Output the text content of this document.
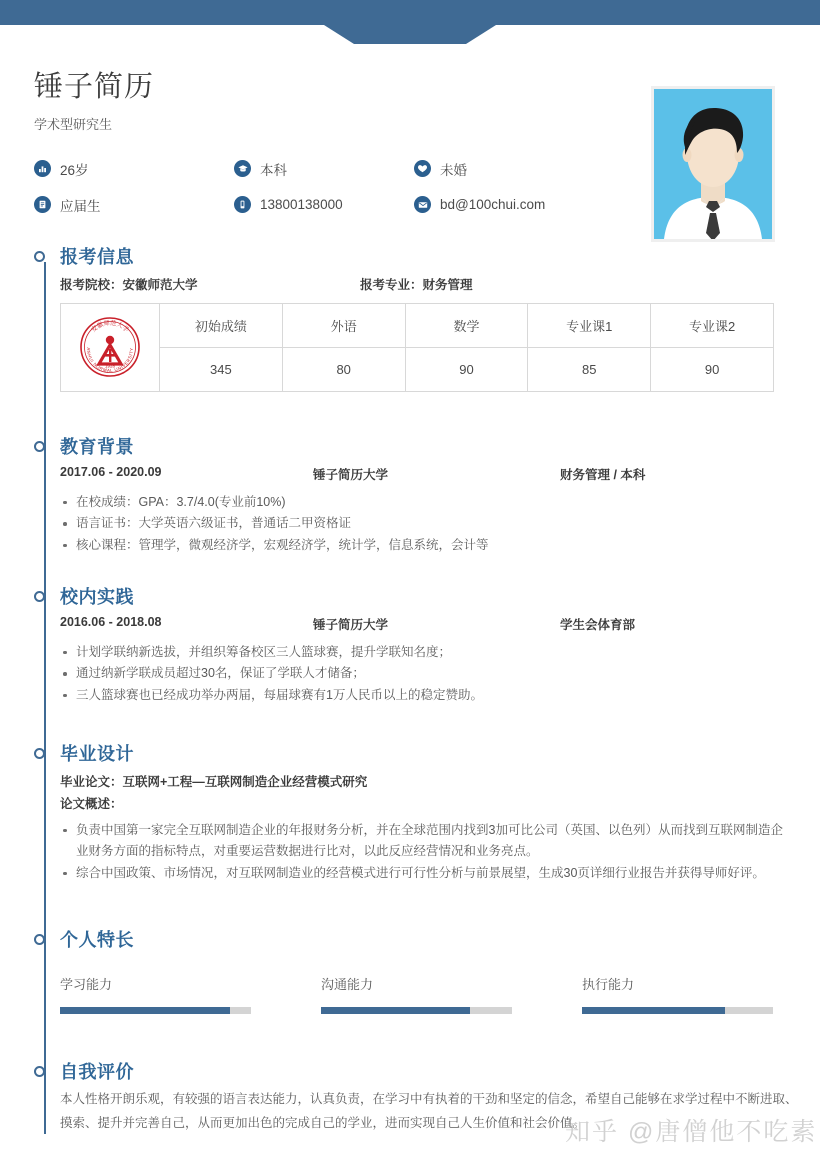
锤子简历
学术型研究生
26岁	本科	未婚
应届生	13800138000	bd@100chui.com
报考信息
报考院校：安徽师范大学	报考专业：财务管理
安徽师范大学
ANHUI NORMAL UNIVERSITY
1928	初始成绩	外语	数学	专业课1	专业课2
	345	80	90	85	90
教育背景
2017.06 - 2020.09	锤子简历大学	财务管理 / 本科
在校成绩：GPA：3.7/4.0(专业前10%)
语言证书：大学英语六级证书，普通话二甲资格证
核心课程：管理学，微观经济学，宏观经济学，统计学，信息系统，会计等
校内实践
2016.06 - 2018.08	锤子简历大学	学生会体育部
计划学联纳新选拔，并组织筹备校区三人篮球赛，提升学联知名度；
通过纳新学联成员超过30名，保证了学联人才储备；
三人篮球赛也已经成功举办两届，每届球赛有1万人民币以上的稳定赞助。
毕业设计
毕业论文：互联网+工程—互联网制造企业经营模式研究
论文概述：
负责中国第一家完全互联网制造企业的年报财务分析，并在全球范围内找到3加可比公司（英国、以色列）从而找到互联网制造企业财务方面的指标特点，对重要运营数据进行比对，以此反应经营情况和业务亮点。
综合中国政策、市场情况，对互联网制造业的经营模式进行可行性分析与前景展望，生成30页详细行业报告并获得导师好评。
个人特长
学习能力	沟通能力	执行能力
自我评价

本人性格开朗乐观，有较强的语言表达能力，认真负责，在学习中有执着的干劲和坚定的信念，希望自己能够在求学过程中不断进取、摸索、提升并完善自己，从而更加出色的完成自己的学业，进而实现自己人生价值和社会价值。

知乎 @唐僧他不吃素
